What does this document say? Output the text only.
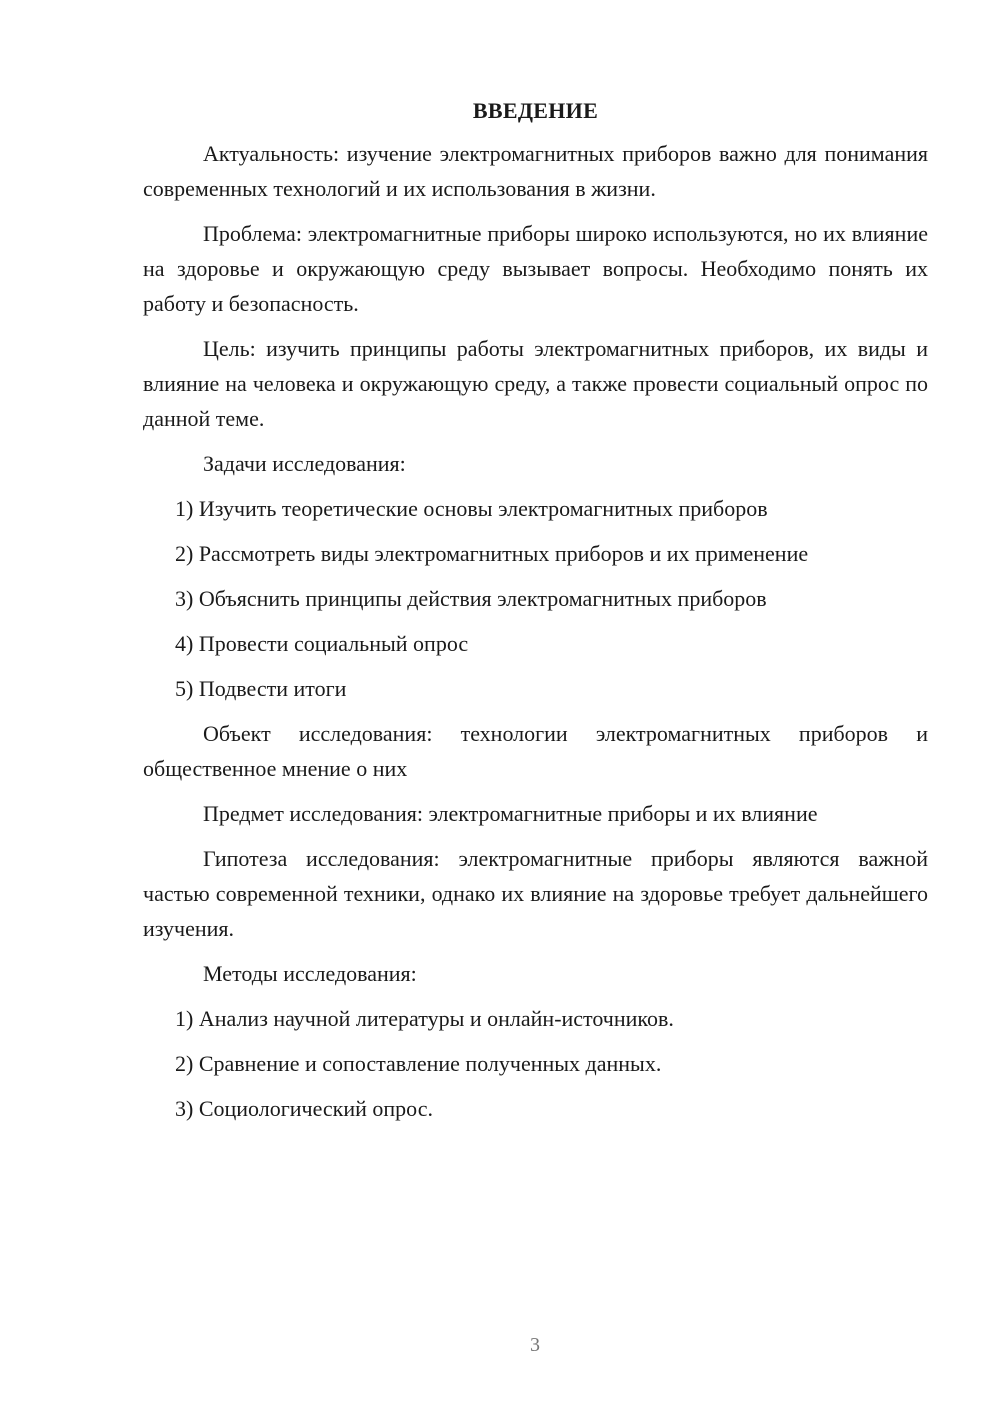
ВВЕДЕНИЕ

Актуальность: изучение электромагнитных приборов важно для понимания современных технологий и их использования в жизни.

Проблема: электромагнитные приборы широко используются, но их влияние на здоровье и окружающую среду вызывает вопросы. Необходимо понять их работу и безопасность.

Цель: изучить принципы работы электромагнитных приборов, их виды и влияние на человека и окружающую среду, а также провести социальный опрос по данной теме.

Задачи исследования:

1) Изучить теоретические основы электромагнитных приборов
2) Рассмотреть виды электромагнитных приборов и их применение
3) Объяснить принципы действия электромагнитных приборов
4) Провести социальный опрос
5) Подвести итоги

Объект исследования: технологии электромагнитных приборов и общественное мнение о них

Предмет исследования: электромагнитные приборы и их влияние

Гипотеза исследования: электромагнитные приборы являются важной частью современной техники, однако их влияние на здоровье требует дальнейшего изучения.

Методы исследования:

1) Анализ научной литературы и онлайн-источников.
2) Сравнение и сопоставление полученных данных.
3) Социологический опрос.
3
